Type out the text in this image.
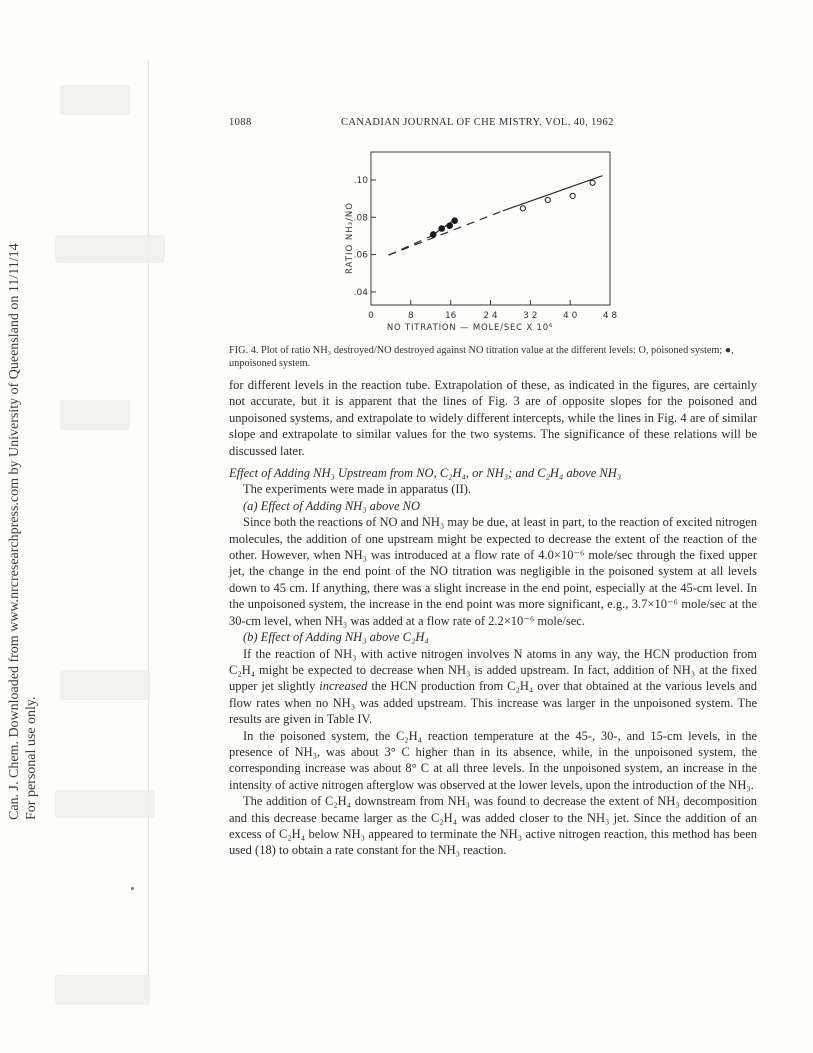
Can. J. Chem. Downloaded from www.nrcresearchpress.com by University of Queensland on 11/11/14 For personal use only.
1088	CANADIAN JOURNAL OF CHE MISTRY. VOL. 40, 1962
0	8	16	2 4	3 2	4 0	4 8
.04
.06
.08
.10
RATIO NH₃/NO
NO TITRATION — MOLE/SEC X 10⁶
FIG. 4. Plot of ratio NH₃ destroyed/NO destroyed against NO titration value at the different levels: O, poisoned system; ●, unpoisoned system.

for different levels in the reaction tube. Extrapolation of these, as indicated in the figures, are certainly not accurate, but it is apparent that the lines of Fig. 3 are of opposite slopes for the poisoned and unpoisoned systems, and extrapolate to widely different intercepts, while the lines in Fig. 4 are of similar slope and extrapolate to similar values for the two systems. The significance of these relations will be discussed later.

Effect of Adding NH₃ Upstream from NO, C₂H₄, or NH₃; and C₂H₄ above NH₃

The experiments were made in apparatus (II).

(a) Effect of Adding NH₃ above NO

Since both the reactions of NO and NH₃ may be due, at least in part, to the reaction of excited nitrogen molecules, the addition of one upstream might be expected to decrease the extent of the reaction of the other. However, when NH₃ was introduced at a flow rate of 4.0×10⁻⁶ mole/sec through the fixed upper jet, the change in the end point of the NO titration was negligible in the poisoned system at all levels down to 45 cm. If anything, there was a slight increase in the end point, especially at the 45-cm level. In the unpoisoned system, the increase in the end point was more significant, e.g., 3.7×10⁻⁶ mole/sec at the 30-cm level, when NH₃ was added at a flow rate of 2.2×10⁻⁶ mole/sec.

(b) Effect of Adding NH₃ above C₂H₄

If the reaction of NH₃ with active nitrogen involves N atoms in any way, the HCN production from C₂H₄ might be expected to decrease when NH₃ is added upstream. In fact, addition of NH₃ at the fixed upper jet slightly increased the HCN production from C₂H₄ over that obtained at the various levels and flow rates when no NH₃ was added upstream. This increase was larger in the unpoisoned system. The results are given in Table IV.

In the poisoned system, the C₂H₄ reaction temperature at the 45-, 30-, and 15-cm levels, in the presence of NH₃, was about 3° C higher than in its absence, while, in the unpoisoned system, the corresponding increase was about 8° C at all three levels. In the unpoisoned system, an increase in the intensity of active nitrogen afterglow was observed at the lower levels, upon the introduction of the NH₃.

The addition of C₂H₄ downstream from NH₃ was found to decrease the extent of NH₃ decomposition and this decrease became larger as the C₂H₄ was added closer to the NH₃ jet. Since the addition of an excess of C₂H₄ below NH₃ appeared to terminate the NH₃ active nitrogen reaction, this method has been used (18) to obtain a rate constant for the NH₃ reaction.
